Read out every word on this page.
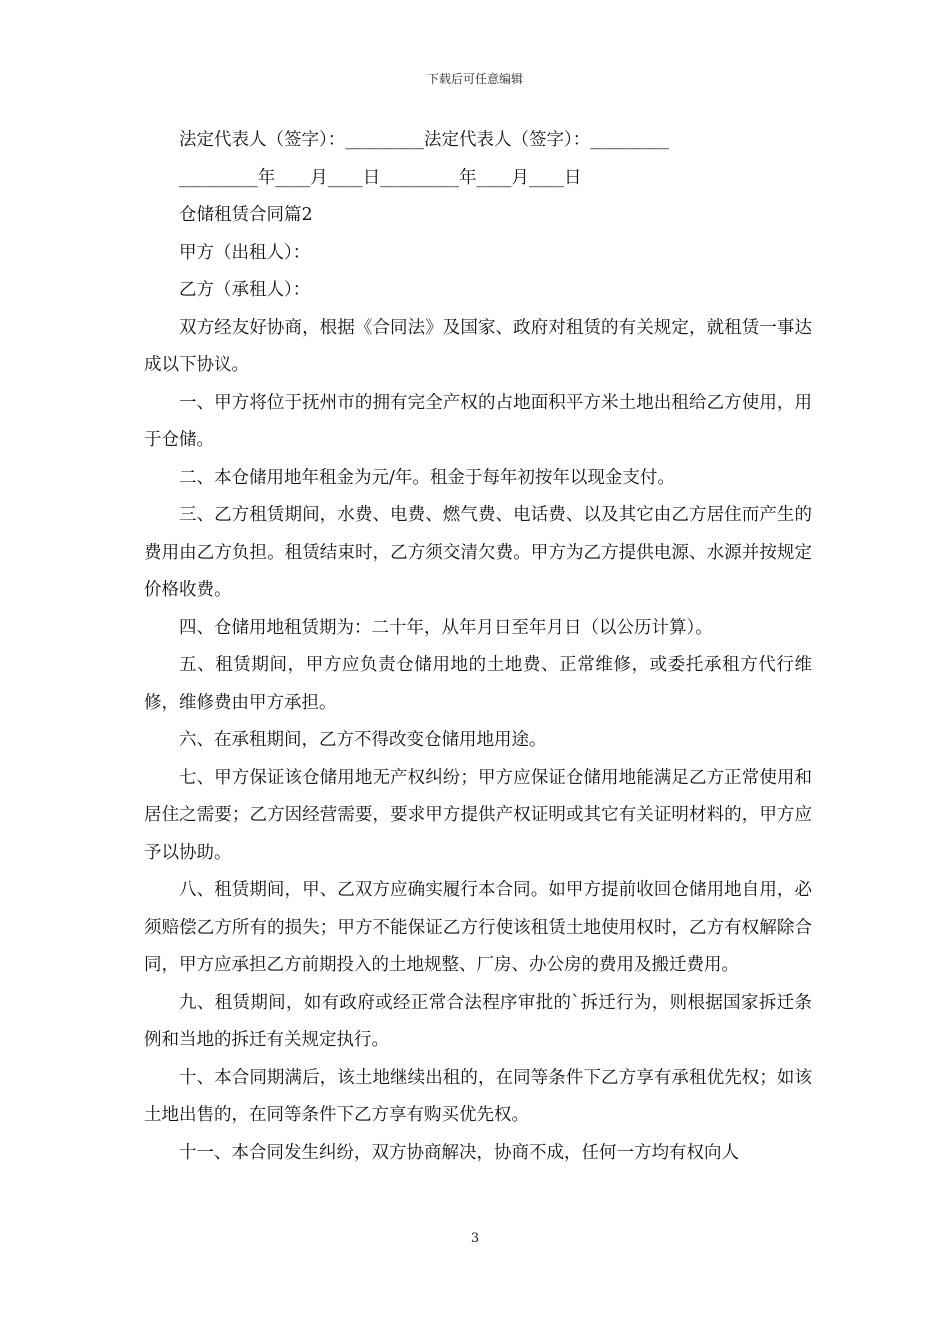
下载后可任意编辑

法定代表人（签字）：_________法定代表人（签字）：_________

_________年____月____日_________年____月____日

仓储租赁合同篇2

甲方（出租人）：

乙方（承租人）：

双方经友好协商，根据《合同法》及国家、政府对租赁的有关规定，就租赁一事达成以下协议。

一、甲方将位于抚州市的拥有完全产权的占地面积平方米土地出租给乙方使用，用于仓储。

二、本仓储用地年租金为元/年。租金于每年初按年以现金支付。

三、乙方租赁期间，水费、电费、燃气费、电话费、以及其它由乙方居住而产生的费用由乙方负担。租赁结束时，乙方须交清欠费。甲方为乙方提供电源、水源并按规定价格收费。

四、仓储用地租赁期为：二十年，从年月日至年月日（以公历计算）。

五、租赁期间，甲方应负责仓储用地的土地费、正常维修，或委托承租方代行维修，维修费由甲方承担。

六、在承租期间，乙方不得改变仓储用地用途。

七、甲方保证该仓储用地无产权纠纷；甲方应保证仓储用地能满足乙方正常使用和居住之需要；乙方因经营需要，要求甲方提供产权证明或其它有关证明材料的，甲方应予以协助。

八、租赁期间，甲、乙双方应确实履行本合同。如甲方提前收回仓储用地自用，必须赔偿乙方所有的损失；甲方不能保证乙方行使该租赁土地使用权时，乙方有权解除合同，甲方应承担乙方前期投入的土地规整、厂房、办公房的费用及搬迁费用。

九、租赁期间，如有政府或经正常合法程序审批的`拆迁行为，则根据国家拆迁条例和当地的拆迁有关规定执行。

十、本合同期满后，该土地继续出租的，在同等条件下乙方享有承租优先权；如该土地出售的，在同等条件下乙方享有购买优先权。

十一、本合同发生纠纷，双方协商解决，协商不成，任何一方均有权向人

3
